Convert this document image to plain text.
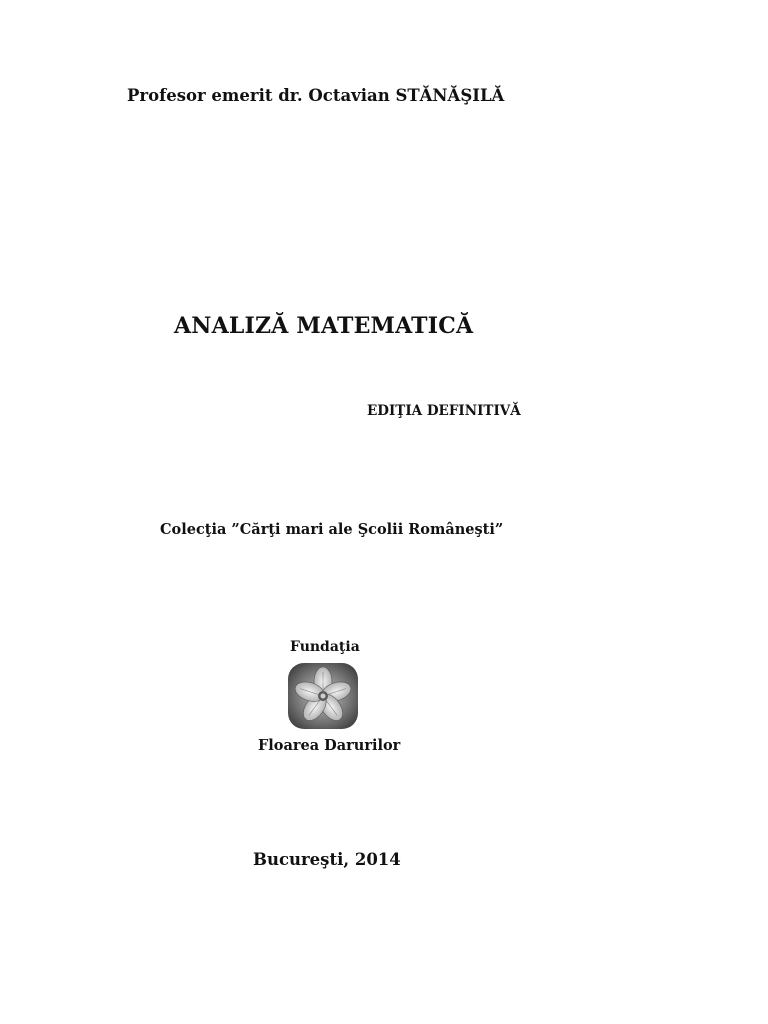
Profesor emerit dr. Octavian STĂNĂŞILĂ

ANALIZĂ MATEMATICĂ

EDIŢIA DEFINITIVĂ

Colecţia ”Cărţi mari ale Şcolii Româneşti”

Fundaţia

Floarea Darurilor

Bucureşti, 2014
